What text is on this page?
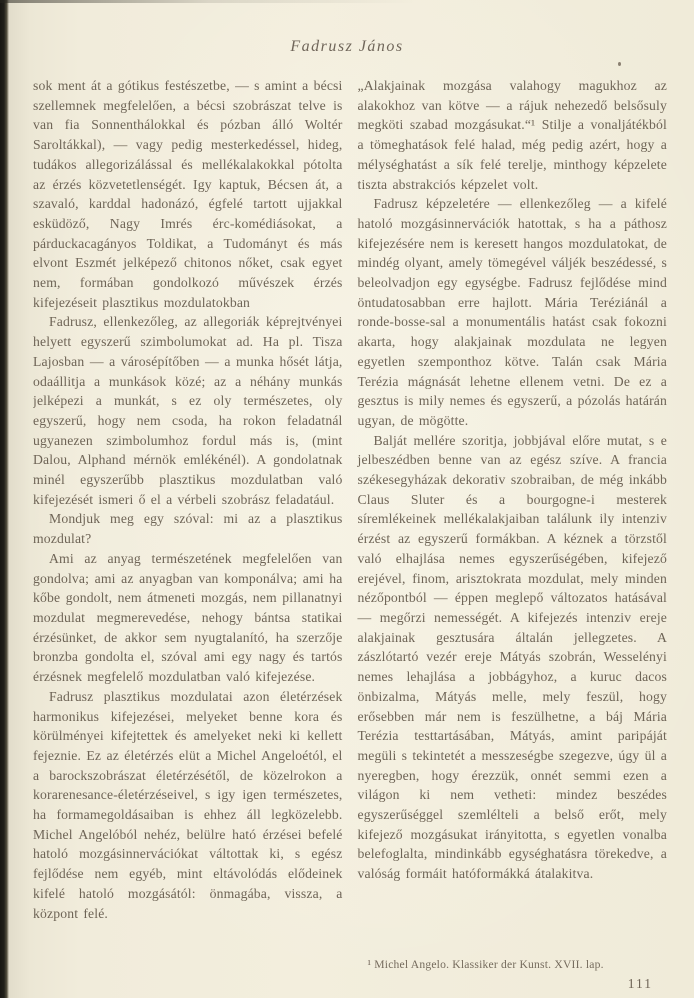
Fadrusz János

sok ment át a gótikus festészetbe, — s amint a bécsi szellemnek megfelelően, a bécsi szobrászat telve is van fia Sonnenthálokkal és pózban álló Woltér Saroltákkal), — vagy pedig mesterkedéssel, hideg, tudákos allegorizálással és mellékalakokkal pótolta az érzés közvetetlenségét. Igy kaptuk, Bécsen át, a szavaló, karddal hadonázó, égfelé tartott ujjakkal esküdöző, Nagy Imrés érc-komédiásokat, a párduckacagányos Toldikat, a Tudományt és más elvont Eszmét jelképező chitonos nőket, csak egyet nem, formában gondolkozó művészek érzés kifejezéseit plasztikus mozdulatokban

Fadrusz, ellenkezőleg, az allegoriák képrejtvényei helyett egyszerű szimbolumokat ad. Ha pl. Tisza Lajosban — a városépítőben — a munka hősét látja, odaállitja a munkások közé; az a néhány munkás jelképezi a munkát, s ez oly természetes, oly egyszerű, hogy nem csoda, ha rokon feladatnál ugyanezen szimbolumhoz fordul más is, (mint Dalou, Alphand mérnök emlékénél). A gondolatnak minél egyszerűbb plasztikus mozdulatban való kifejezését ismeri ő el a vérbeli szobrász feladatául.

Mondjuk meg egy szóval: mi az a plasztikus mozdulat?

Ami az anyag természetének megfelelően van gondolva; ami az anyagban van komponálva; ami ha kőbe gondolt, nem átmeneti mozgás, nem pillanatnyi mozdulat megmerevedése, nehogy bántsa statikai érzésünket, de akkor sem nyugtalanító, ha szerzője bronzba gondolta el, szóval ami egy nagy és tartós érzésnek megfelelő mozdulatban való kifejezése.

Fadrusz plasztikus mozdulatai azon életérzések harmonikus kifejezései, melyeket benne kora és körülményei kifejtettek és amelyeket neki ki kellett fejeznie. Ez az életérzés elüt a Michel Angeloétól, el a barockszobrászat életérzésétől, de közelrokon a korarenesance-életérzéseivel, s igy igen természetes, ha formamegoldásaiban is ehhez áll legközelebb. Michel Angelóból nehéz, belülre ható érzései befelé hatoló mozgásinnervációkat váltottak ki, s egész fejlődése nem egyéb, mint eltávolódás elődeinek kifelé hatoló mozgásától: önmagába, vissza, a központ felé.

„Alakjainak mozgása valahogy magukhoz az alakokhoz van kötve — a rájuk nehezedő belsősuly megköti szabad mozgásukat.“¹ Stilje a vonaljátékból a tömeghatások felé halad, még pedig azért, hogy a mélységhatást a sík felé terelje, minthogy képzelete tiszta abstrakciós képzelet volt.

Fadrusz képzeletére — ellenkezőleg — a kifelé hatoló mozgásinnervációk hatottak, s ha a páthosz kifejezésére nem is keresett hangos mozdulatokat, de mindég olyant, amely tömegével váljék beszédessé, s beleolvadjon egy egységbe. Fadrusz fejlődése mind öntudatosabban erre hajlott. Mária Teréziánál a ronde-bosse-sal a monumentális hatást csak fokozni akarta, hogy alakjainak mozdulata ne legyen egyetlen szemponthoz kötve. Talán csak Mária Terézia mágnását lehetne ellenem vetni. De ez a gesztus is mily nemes és egyszerű, a pózolás határán ugyan, de mögötte.

Balját mellére szoritja, jobbjával előre mutat, s e jelbeszédben benne van az egész szíve. A francia székesegyházak dekorativ szobraiban, de még inkább Claus Sluter és a bourgogne-i mesterek síremlékeinek mellékalakjaiban találunk ily intenziv érzést az egyszerű formákban. A kéznek a törzstől való elhajlása nemes egyszerűségében, kifejező erejével, finom, arisztokrata mozdulat, mely minden nézőpontból — éppen meglepő változatos hatásával — megőrzi nemességét. A kifejezés intenziv ereje alakjainak gesztusára általán jellegzetes. A zászlótartó vezér ereje Mátyás szobrán, Wesselényi nemes lehajlása a jobbágyhoz, a kuruc dacos önbizalma, Mátyás melle, mely feszül, hogy erősebben már nem is feszülhetne, a báj Mária Terézia testtartásában, Mátyás, amint paripáját megüli s tekintetét a messzeségbe szegezve, úgy ül a nyeregben, hogy érezzük, onnét semmi ezen a világon ki nem vetheti: mindez beszédes egyszerűséggel szemlélteli a belső erőt, mely kifejező mozgásukat irányitotta, s egyetlen vonalba belefoglalta, mindinkább egységhatásra törekedve, a valóság formáit hatóformákká átalakitva.

¹ Michel Angelo. Klassiker der Kunst. XVII. lap.
111
